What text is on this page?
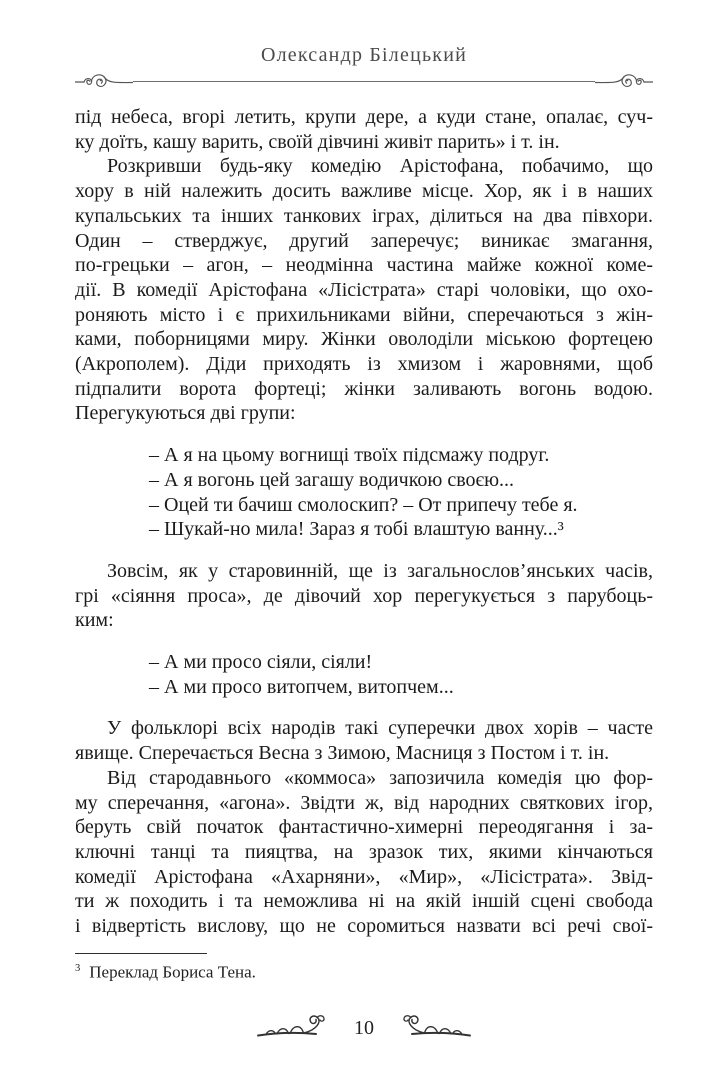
Олександр Білецький
під небеса, вгорі летить, крупи дере, а куди стане, опалає, суч-
ку доїть, кашу варить, своїй дівчині живіт парить» і т. ін.
Розкривши будь-яку комедію Арістофана, побачимо, що
хору в ній належить досить важливе місце. Хор, як і в наших
купальських та інших танкових іграх, ділиться на два півхори.
Один – стверджує, другий заперечує; виникає змагання,
по-грецьки – агон, – неодмінна частина майже кожної коме-
дії. В комедії Арістофана «Лісістрата» старі чоловіки, що охо-
роняють місто і є прихильниками війни, сперечаються з жін-
ками, поборницями миру. Жінки оволоділи міською фортецею
(Акрополем). Діди приходять із хмизом і жаровнями, щоб
підпалити ворота фортеці; жінки заливають вогонь водою.
Перегукуються дві групи:
– А я на цьому вогнищі твоїх підсмажу подруг.
– А я вогонь цей загашу водичкою своєю...
– Оцей ти бачиш смолоскип? – От припечу тебе я.
– Шукай-но мила! Зараз я тобі влаштую ванну...³
Зовсім, як у старовинній, ще із загальнослов’янських часів,
грі «сіяння проса», де дівочий хор перегукується з парубоць-
ким:
– А ми просо сіяли, сіяли!
– А ми просо витопчем, витопчем...
У фольклорі всіх народів такі суперечки двох хорів – часте
явище. Сперечається Весна з Зимою, Масниця з Постом і т. ін.
Від стародавнього «коммоса» запозичила комедія цю фор-
му сперечання, «агона». Звідти ж, від народних святкових ігор,
беруть свій початок фантастично-химерні переодягання і за-
ключні танці та пияцтва, на зразок тих, якими кінчаються
комедії Арістофана «Ахарняни», «Мир», «Лісістрата». Звід-
ти ж походить і та неможлива ні на якій іншій сцені свобода
і відвертість вислову, що не соромиться назвати всі речі свої-
$^3$ Переклад Бориса Тена.
10
